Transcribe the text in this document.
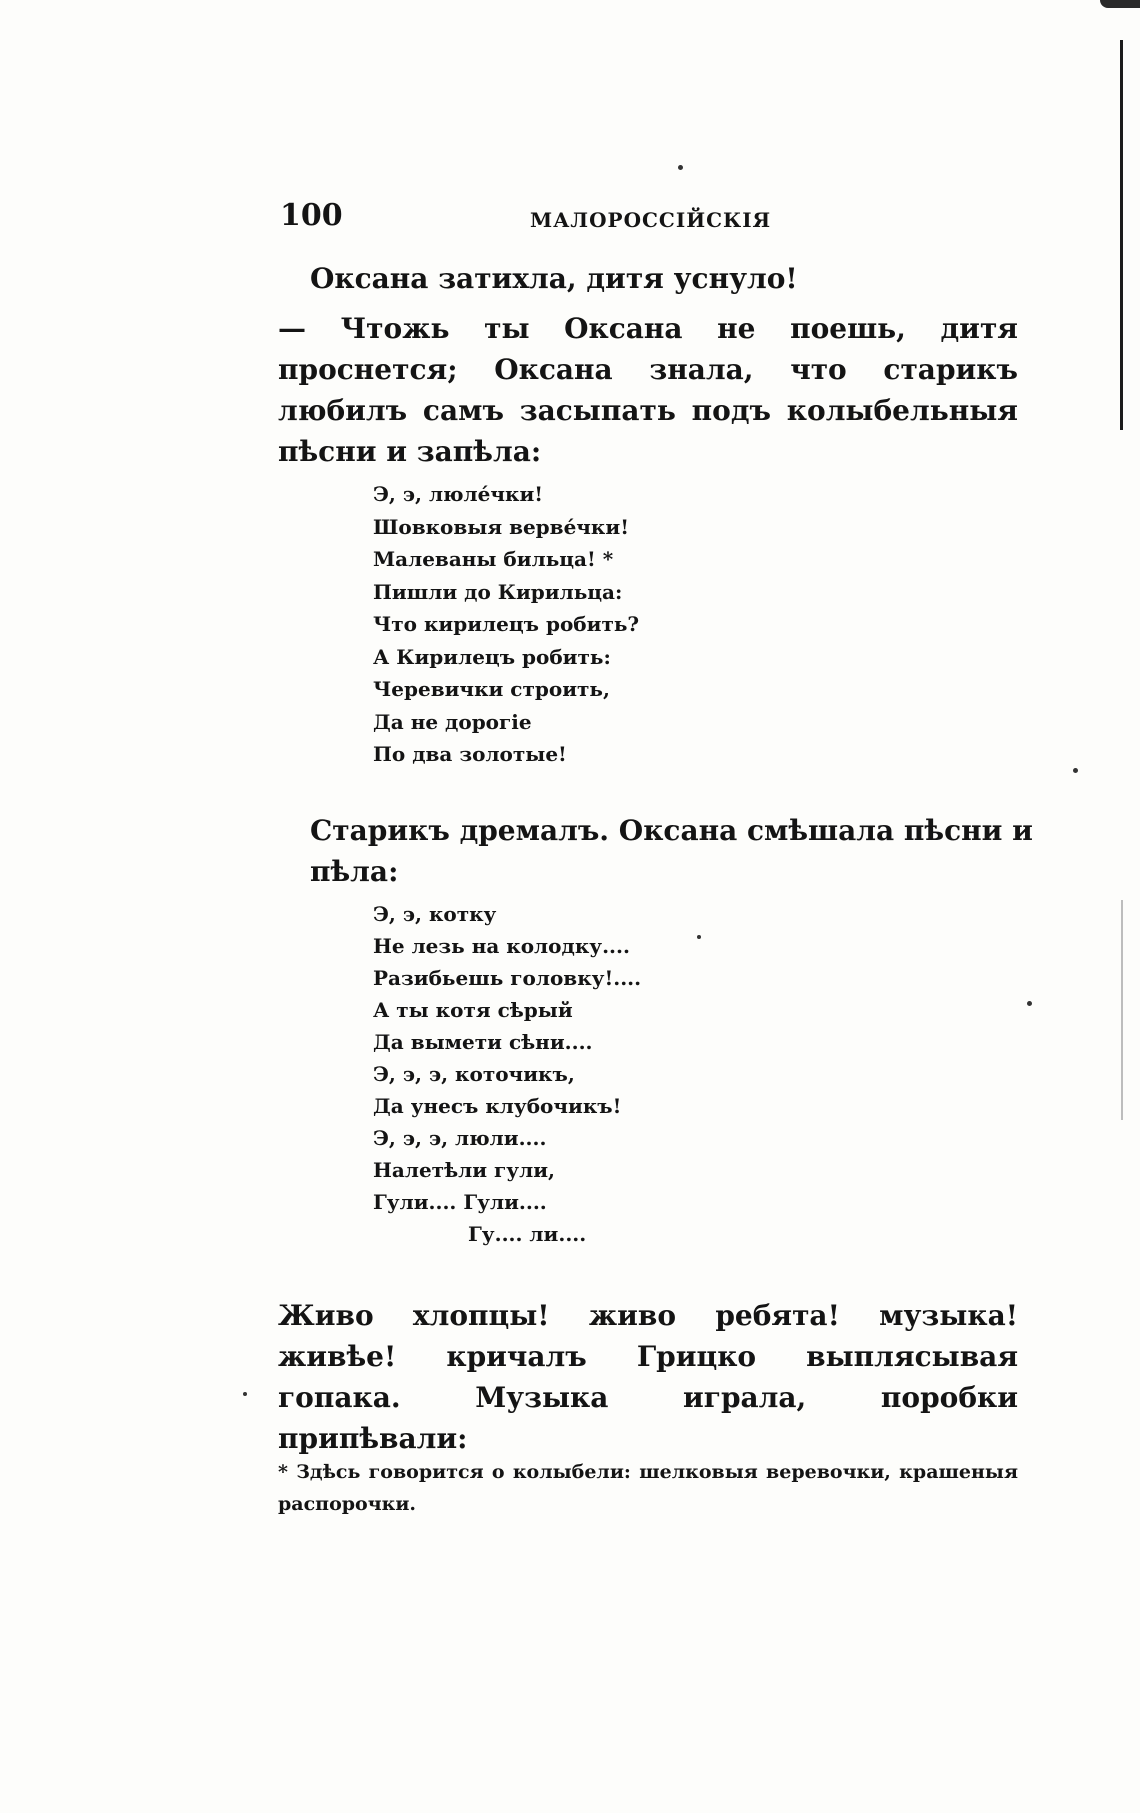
100	МАЛОРОССІЙСКІЯ

Оксана затихла, дитя уснуло!

— Чтожь ты Оксана не поешь, дитя проснется; Оксана знала, что старикъ любилъ самъ засыпать подъ колыбельныя пѣсни и запѣла:

Э, э, люле́чки!
Шовковыя верве́чки!
Малеваны бильца! *
Пишли до Кирильца:
Что кирилецъ робить?
А Кирилецъ робить:
Черевички строить,
Да не дорогіе
По два золотые!

Старикъ дремалъ. Оксана смѣшала пѣсни и пѣла:

Э, э, котку
Не лезь на колодку....
Разибьешь головку!....
А ты котя сѣрый
Да вымети сѣни....
Э, э, э, коточикъ,
Да унесъ клубочикъ!
Э, э, э, люли....
Налетѣли гули,
Гули.... Гули....
Гу.... ли....

Живо хлопцы! живо ребята! музыка! живѣе! кричалъ Грицко выплясывая гопака. Музыка играла, поробки припѣвали:

* Здѣсь говорится о колыбели: шелковыя веревочки, крашеныя распорочки.
